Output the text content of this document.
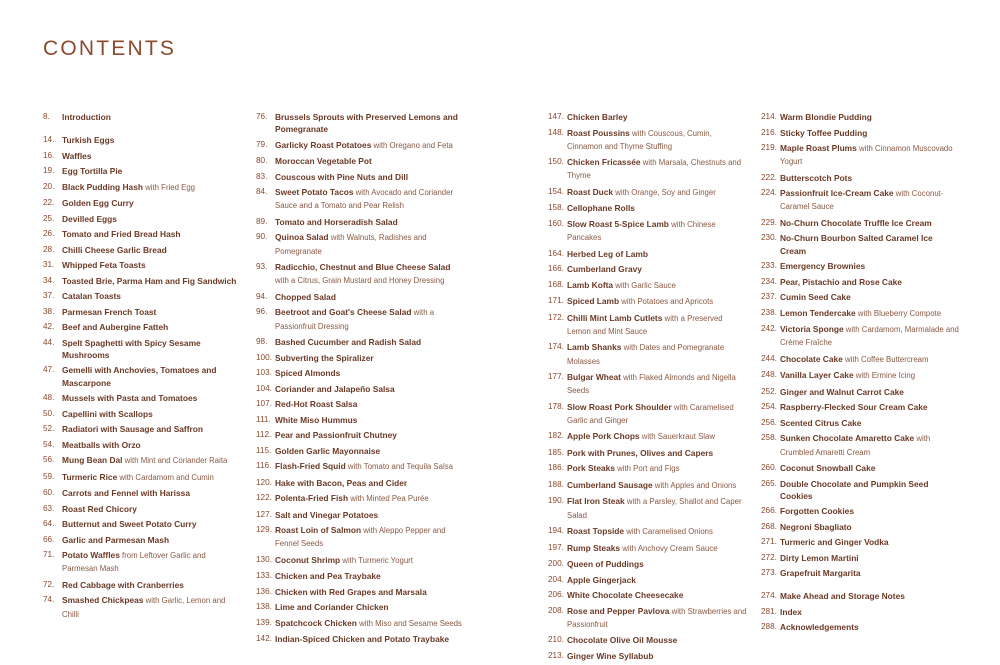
CONTENTS
8. Introduction
14. Turkish Eggs
16. Waffles
19. Egg Tortilla Pie
20. Black Pudding Hash with Fried Egg
22. Golden Egg Curry
25. Devilled Eggs
26. Tomato and Fried Bread Hash
28. Chilli Cheese Garlic Bread
31. Whipped Feta Toasts
34. Toasted Brie, Parma Ham and Fig Sandwich
37. Catalan Toasts
38. Parmesan French Toast
42. Beef and Aubergine Fatteh
44. Spelt Spaghetti with Spicy Sesame Mushrooms
47. Gemelli with Anchovies, Tomatoes and Mascarpone
48. Mussels with Pasta and Tomatoes
50. Capellini with Scallops
52. Radiatori with Sausage and Saffron
54. Meatballs with Orzo
56. Mung Bean Dal with Mint and Coriander Raita
59. Turmeric Rice with Cardamom and Cumin
60. Carrots and Fennel with Harissa
63. Roast Red Chicory
64. Butternut and Sweet Potato Curry
66. Garlic and Parmesan Mash
71. Potato Waffles from Leftover Garlic and Parmesan Mash
72. Red Cabbage with Cranberries
74. Smashed Chickpeas with Garlic, Lemon and Chilli
76. Brussels Sprouts with Preserved Lemons and Pomegranate
79. Garlicky Roast Potatoes with Oregano and Feta
80. Moroccan Vegetable Pot
83. Couscous with Pine Nuts and Dill
84. Sweet Potato Tacos with Avocado and Coriander Sauce and a Tomato and Pear Relish
89. Tomato and Horseradish Salad
90. Quinoa Salad with Walnuts, Radishes and Pomegranate
93. Radicchio, Chestnut and Blue Cheese Salad with a Citrus, Grain Mustard and Honey Dressing
94. Chopped Salad
96. Beetroot and Goat's Cheese Salad with a Passionfruit Dressing
98. Bashed Cucumber and Radish Salad
100. Subverting the Spiralizer
103. Spiced Almonds
104. Coriander and Jalapeño Salsa
107. Red-Hot Roast Salsa
111. White Miso Hummus
112. Pear and Passionfruit Chutney
115. Golden Garlic Mayonnaise
116. Flash-Fried Squid with Tomato and Tequila Salsa
120. Hake with Bacon, Peas and Cider
122. Polenta-Fried Fish with Minted Pea Purée
127. Salt and Vinegar Potatoes
129. Roast Loin of Salmon with Aleppo Pepper and Fennel Seeds
130. Coconut Shrimp with Turmeric Yogurt
133. Chicken and Pea Traybake
136. Chicken with Red Grapes and Marsala
138. Lime and Coriander Chicken
139. Spatchcock Chicken with Miso and Sesame Seeds
142. Indian-Spiced Chicken and Potato Traybake
147. Chicken Barley
148. Roast Poussins with Couscous, Cumin, Cinnamon and Thyme Stuffing
150. Chicken Fricassée with Marsala, Chestnuts and Thyme
154. Roast Duck with Orange, Soy and Ginger
158. Cellophane Rolls
160. Slow Roast 5-Spice Lamb with Chinese Pancakes
164. Herbed Leg of Lamb
166. Cumberland Gravy
168. Lamb Kofta with Garlic Sauce
171. Spiced Lamb with Potatoes and Apricots
172. Chilli Mint Lamb Cutlets with a Preserved Lemon and Mint Sauce
174. Lamb Shanks with Dates and Pomegranate Molasses
177. Bulgar Wheat with Flaked Almonds and Nigella Seeds
178. Slow Roast Pork Shoulder with Caramelised Garlic and Ginger
182. Apple Pork Chops with Sauerkraut Slaw
185. Pork with Prunes, Olives and Capers
186. Pork Steaks with Port and Figs
188. Cumberland Sausage with Apples and Onions
190. Flat Iron Steak with a Parsley, Shallot and Caper Salad
194. Roast Topside with Caramelised Onions
197. Rump Steaks with Anchovy Cream Sauce
200. Queen of Puddings
204. Apple Gingerjack
206. White Chocolate Cheesecake
208. Rose and Pepper Pavlova with Strawberries and Passionfruit
210. Chocolate Olive Oil Mousse
213. Ginger Wine Syllabub
214. Warm Blondie Pudding
216. Sticky Toffee Pudding
219. Maple Roast Plums with Cinnamon Muscovado Yogurt
222. Butterscotch Pots
224. Passionfruit Ice-Cream Cake with Coconut-Caramel Sauce
229. No-Churn Chocolate Truffle Ice Cream
230. No-Churn Bourbon Salted Caramel Ice Cream
233. Emergency Brownies
234. Pear, Pistachio and Rose Cake
237. Cumin Seed Cake
238. Lemon Tendercake with Blueberry Compote
242. Victoria Sponge with Cardamom, Marmalade and Crème Fraîche
244. Chocolate Cake with Coffee Buttercream
248. Vanilla Layer Cake with Ermine Icing
252. Ginger and Walnut Carrot Cake
254. Raspberry-Flecked Sour Cream Cake
256. Scented Citrus Cake
258. Sunken Chocolate Amaretto Cake with Crumbled Amaretti Cream
260. Coconut Snowball Cake
265. Double Chocolate and Pumpkin Seed Cookies
266. Forgotten Cookies
268. Negroni Sbagliato
271. Turmeric and Ginger Vodka
272. Dirty Lemon Martini
273. Grapefruit Margarita
274. Make Ahead and Storage Notes
281. Index
288. Acknowledgements
